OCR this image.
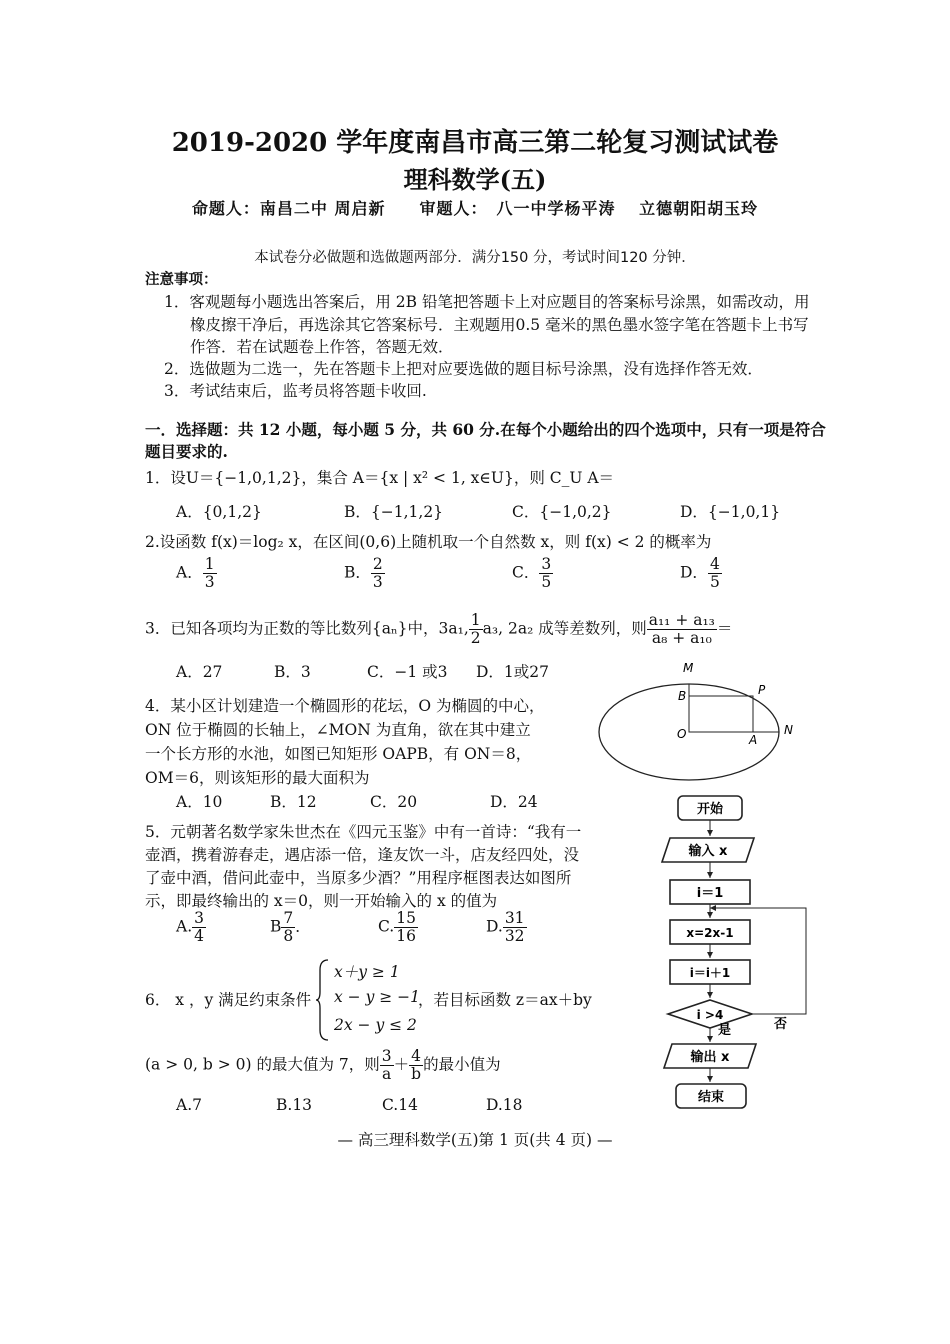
2019-2020 学年度南昌市高三第二轮复习测试试卷
理科数学(五)
命题人：南昌二中 周启新　　审题人：　八一中学杨平涛　 立德朝阳胡玉玲
本试卷分必做题和选做题两部分．满分150 分，考试时间120 分钟．
注意事项：
1．客观题每小题选出答案后，用 2B 铅笔把答题卡上对应题目的答案标号涂黑，如需改动，用
橡皮擦干净后，再选涂其它答案标号．主观题用0.5 毫米的黑色墨水签字笔在答题卡上书写
作答．若在试题卷上作答，答题无效．
2．选做题为二选一，先在答题卡上把对应要选做的题目标号涂黑，没有选择作答无效．
3．考试结束后，监考员将答题卡收回.
一．选择题：共 12 小题，每小题 5 分，共 60 分.在每个小题给出的四个选项中，只有一项是符合
题目要求的.
1．设U＝{−1,0,1,2}，集合 A＝{x | x² < 1, x∈U}，则 C_U A＝
A．{0,1,2}	B．{−1,1,2}	C．{−1,0,2}	D．{−1,0,1}
2.设函数 f(x)＝log₂ x，在区间(0,6)上随机取一个自然数 x，则 f(x) < 2 的概率为
A． $\frac{1}{3}$	B． $\frac{2}{3}$	C． $\frac{3}{5}$	D． $\frac{4}{5}$
3．已知各项均为正数的等比数列{aₙ}中，3a₁, $\frac{1}{2} a_3$, 2a₂ 成等差数列，则 $\frac{\text{a₁₁ + a₁₃}}{\text{a₈ + a₁₀}}$ ＝
A．27	B．3	C．−1 或3 D．1或27
4．某小区计划建造一个椭圆形的花坛，O 为椭圆的中心，
ON 位于椭圆的长轴上，∠MON 为直角，欲在其中建立
一个长方形的水池，如图已知矩形 OAPB，有 ON＝8，
OM＝6，则该矩形的最大面积为
A．10	B．12	C．20	D．24
M
B	P
O	A
N
5．元朝著名数学家朱世杰在《四元玉鉴》中有一首诗：“我有一
壶酒，携着游春走，遇店添一倍，逢友饮一斗，店友经四处，没
了壶中酒，借问此壶中，当原多少酒？”用程序框图表达如图所
示，即最终输出的 x＝0，则一开始输入的 x 的值为
A. $\frac{3}{4}$	B $\frac{7}{8}$ ．	C. $\frac{15}{16}$	D. $\frac{31}{32}$
开始
输入 x
i＝1
x=2x-1
i＝i＋1
i >4
否
是
输出 x
结束
6． x ，y 满足约束条件
x＋y ≥ 1
x − y ≥ −1
2x − y ≤ 2
，若目标函数 z＝ax＋by
(a > 0, b > 0) 的最大值为 7，则 $\frac{3}{a} + \frac{4}{b}$ 的最小值为
A.7	B.13	C.14	D.18
— 高三理科数学(五)第 1 页(共 4 页) —
